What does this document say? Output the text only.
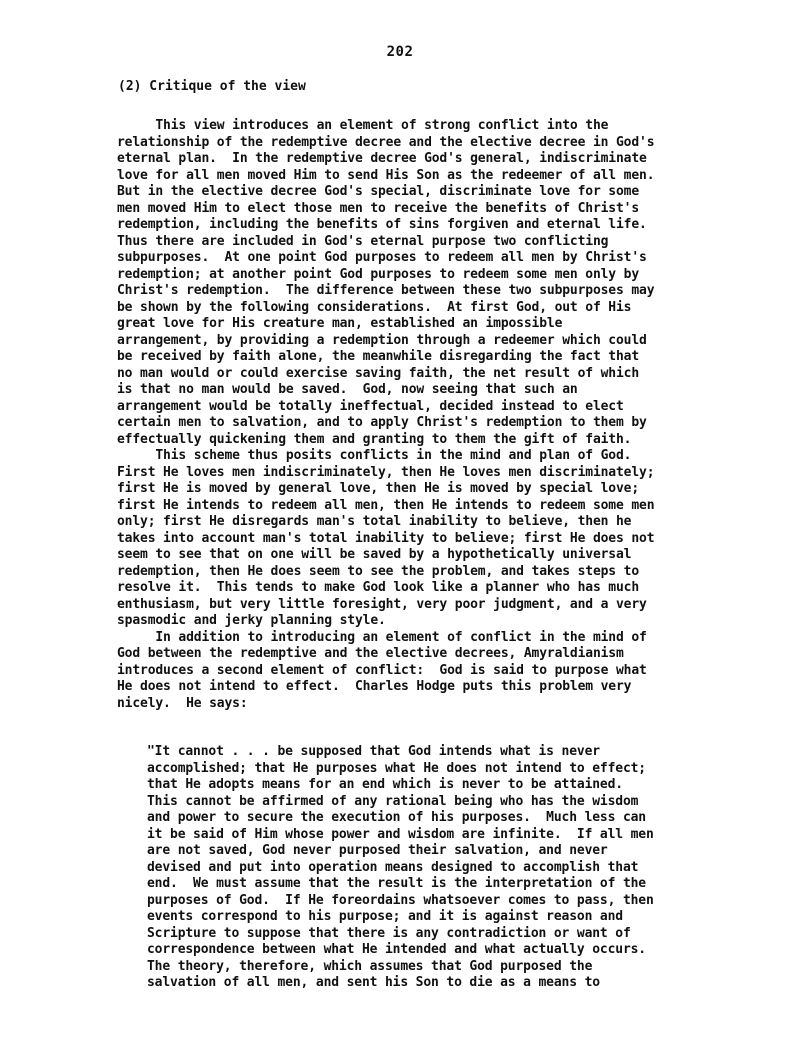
202
(2) Critique of the view
This view introduces an element of strong conflict into the
relationship of the redemptive decree and the elective decree in God's
eternal plan.  In the redemptive decree God's general, indiscriminate
love for all men moved Him to send His Son as the redeemer of all men.
But in the elective decree God's special, discriminate love for some
men moved Him to elect those men to receive the benefits of Christ's
redemption, including the benefits of sins forgiven and eternal life.
Thus there are included in God's eternal purpose two conflicting
subpurposes.  At one point God purposes to redeem all men by Christ's
redemption; at another point God purposes to redeem some men only by
Christ's redemption.  The difference between these two subpurposes may
be shown by the following considerations.  At first God, out of His
great love for His creature man, established an impossible
arrangement, by providing a redemption through a redeemer which could
be received by faith alone, the meanwhile disregarding the fact that
no man would or could exercise saving faith, the net result of which
is that no man would be saved.  God, now seeing that such an
arrangement would be totally ineffectual, decided instead to elect
certain men to salvation, and to apply Christ's redemption to them by
effectually quickening them and granting to them the gift of faith.
This scheme thus posits conflicts in the mind and plan of God.
First He loves men indiscriminately, then He loves men discriminately;
first He is moved by general love, then He is moved by special love;
first He intends to redeem all men, then He intends to redeem some men
only; first He disregards man's total inability to believe, then he
takes into account man's total inability to believe; first He does not
seem to see that on one will be saved by a hypothetically universal
redemption, then He does seem to see the problem, and takes steps to
resolve it.  This tends to make God look like a planner who has much
enthusiasm, but very little foresight, very poor judgment, and a very
spasmodic and jerky planning style.
In addition to introducing an element of conflict in the mind of
God between the redemptive and the elective decrees, Amyraldianism
introduces a second element of conflict:  God is said to purpose what
He does not intend to effect.  Charles Hodge puts this problem very
nicely.  He says:
"It cannot . . . be supposed that God intends what is never
accomplished; that He purposes what He does not intend to effect;
that He adopts means for an end which is never to be attained.
This cannot be affirmed of any rational being who has the wisdom
and power to secure the execution of his purposes.  Much less can
it be said of Him whose power and wisdom are infinite.  If all men
are not saved, God never purposed their salvation, and never
devised and put into operation means designed to accomplish that
end.  We must assume that the result is the interpretation of the
purposes of God.  If He foreordains whatsoever comes to pass, then
events correspond to his purpose; and it is against reason and
Scripture to suppose that there is any contradiction or want of
correspondence between what He intended and what actually occurs.
The theory, therefore, which assumes that God purposed the
salvation of all men, and sent his Son to die as a means to
